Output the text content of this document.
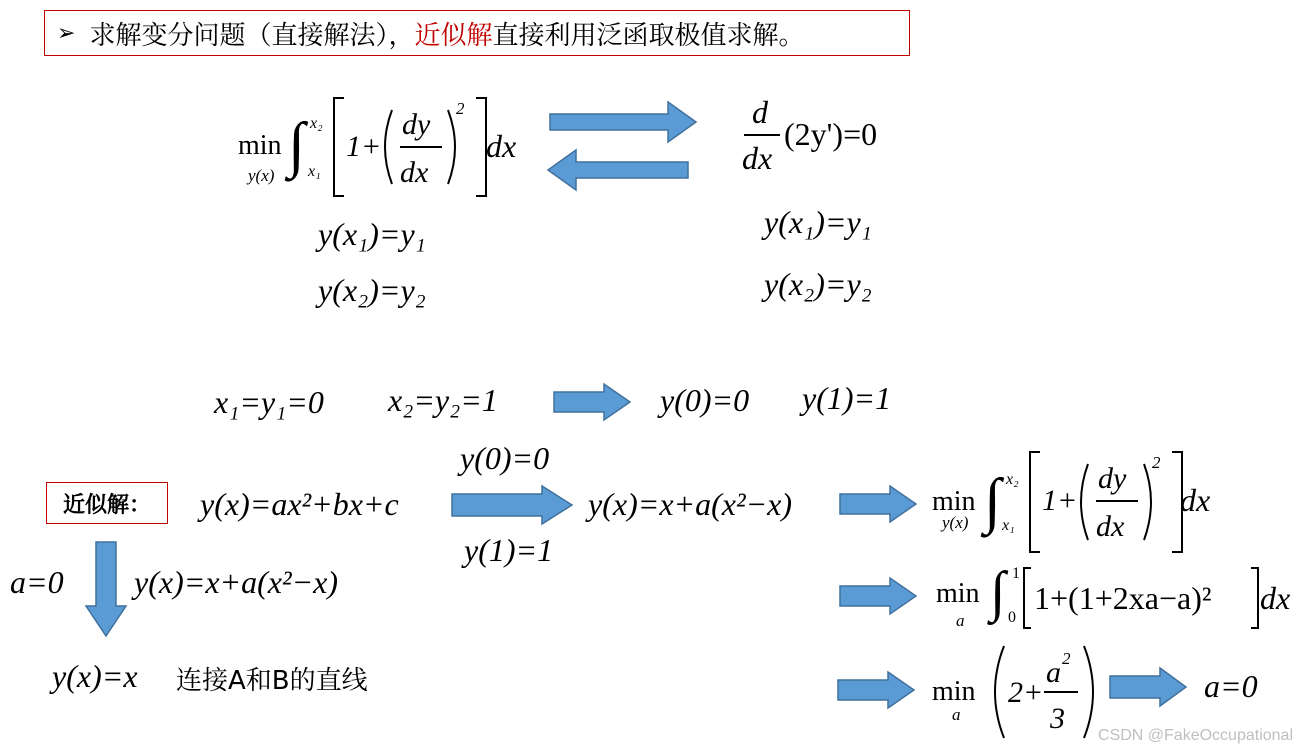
➢ 求解变分问题（直接解法）， 近似解 直接利用泛函取极值求解。
min
y(x) ∫ x₂
x₁
1+
dy
dx
2
dx
y(x₁)=y₁
y(x₂)=y₂
d
dx
(2y')=0
y(x₁)=y₁
y(x₂)=y₂
x₁=y₁=0 x₂=y₂=1	y(0)=0 y(1)=1
近似解： y(x)=ax²+bx+c
y(0)=0
y(1)=1
y(x)=x+a(x²−x)
a=0 y(x)=x+a(x²−x)
y(x)=x 连接A和B的直线
min
y(x) ∫ x₂
x₁
1+
dy
dx
2
dx
min
a ∫ 1
0
1+(1+2xa−a)² dx
min
a
2+
a 2
3
a=0
CSDN @FakeOccupational
